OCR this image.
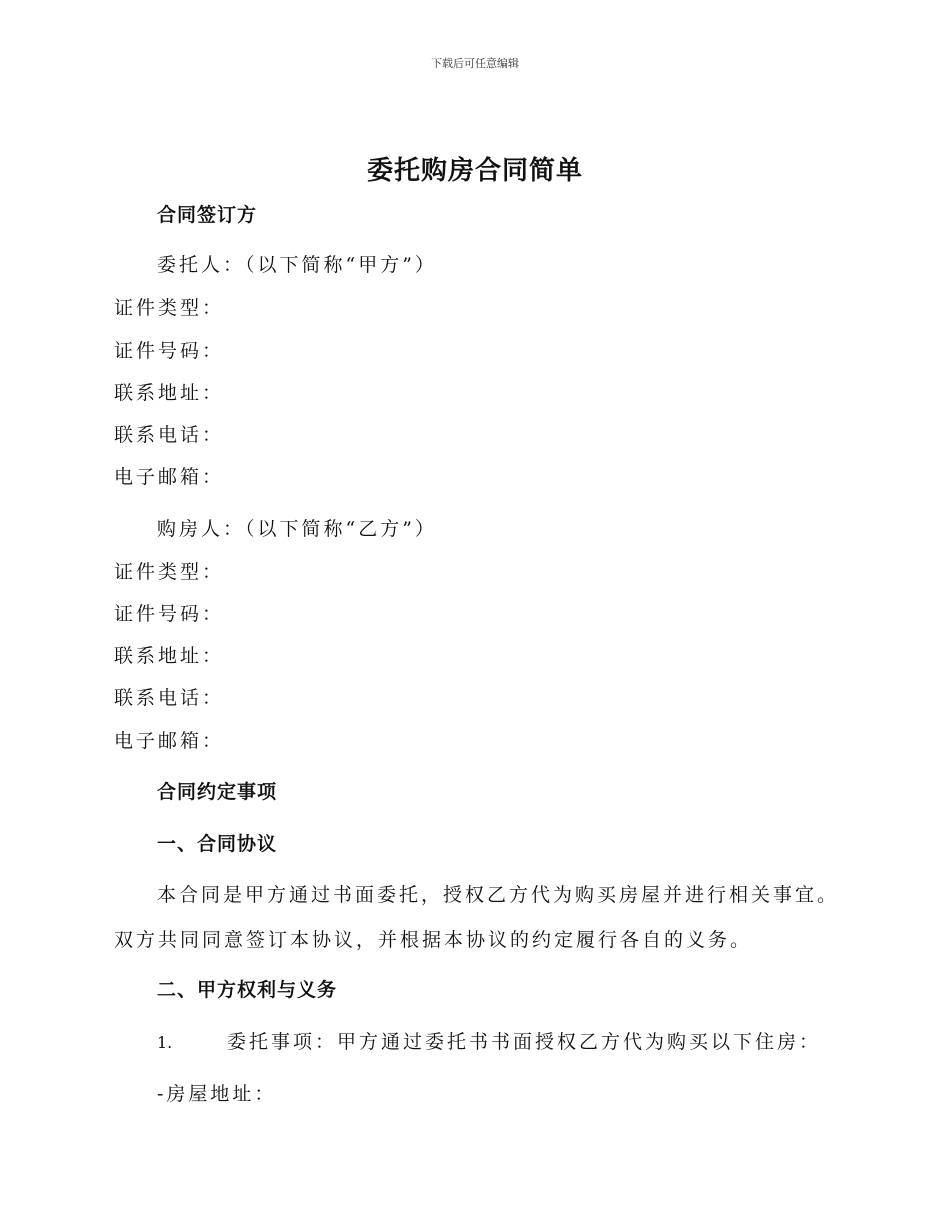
下载后可任意编辑
委托购房合同简单
合同签订方
委托人：（以下简称“甲方”）
证件类型：
证件号码：
联系地址：
联系电话：
电子邮箱：
购房人：（以下简称“乙方”）
证件类型：
证件号码：
联系地址：
联系电话：
电子邮箱：
合同约定事项
一、合同协议
本合同是甲方通过书面委托，授权乙方代为购买房屋并进行相关事宜。
双方共同同意签订本协议，并根据本协议的约定履行各自的义务。
二、甲方权利与义务
1.	委托事项：甲方通过委托书书面授权乙方代为购买以下住房：
-房屋地址：
